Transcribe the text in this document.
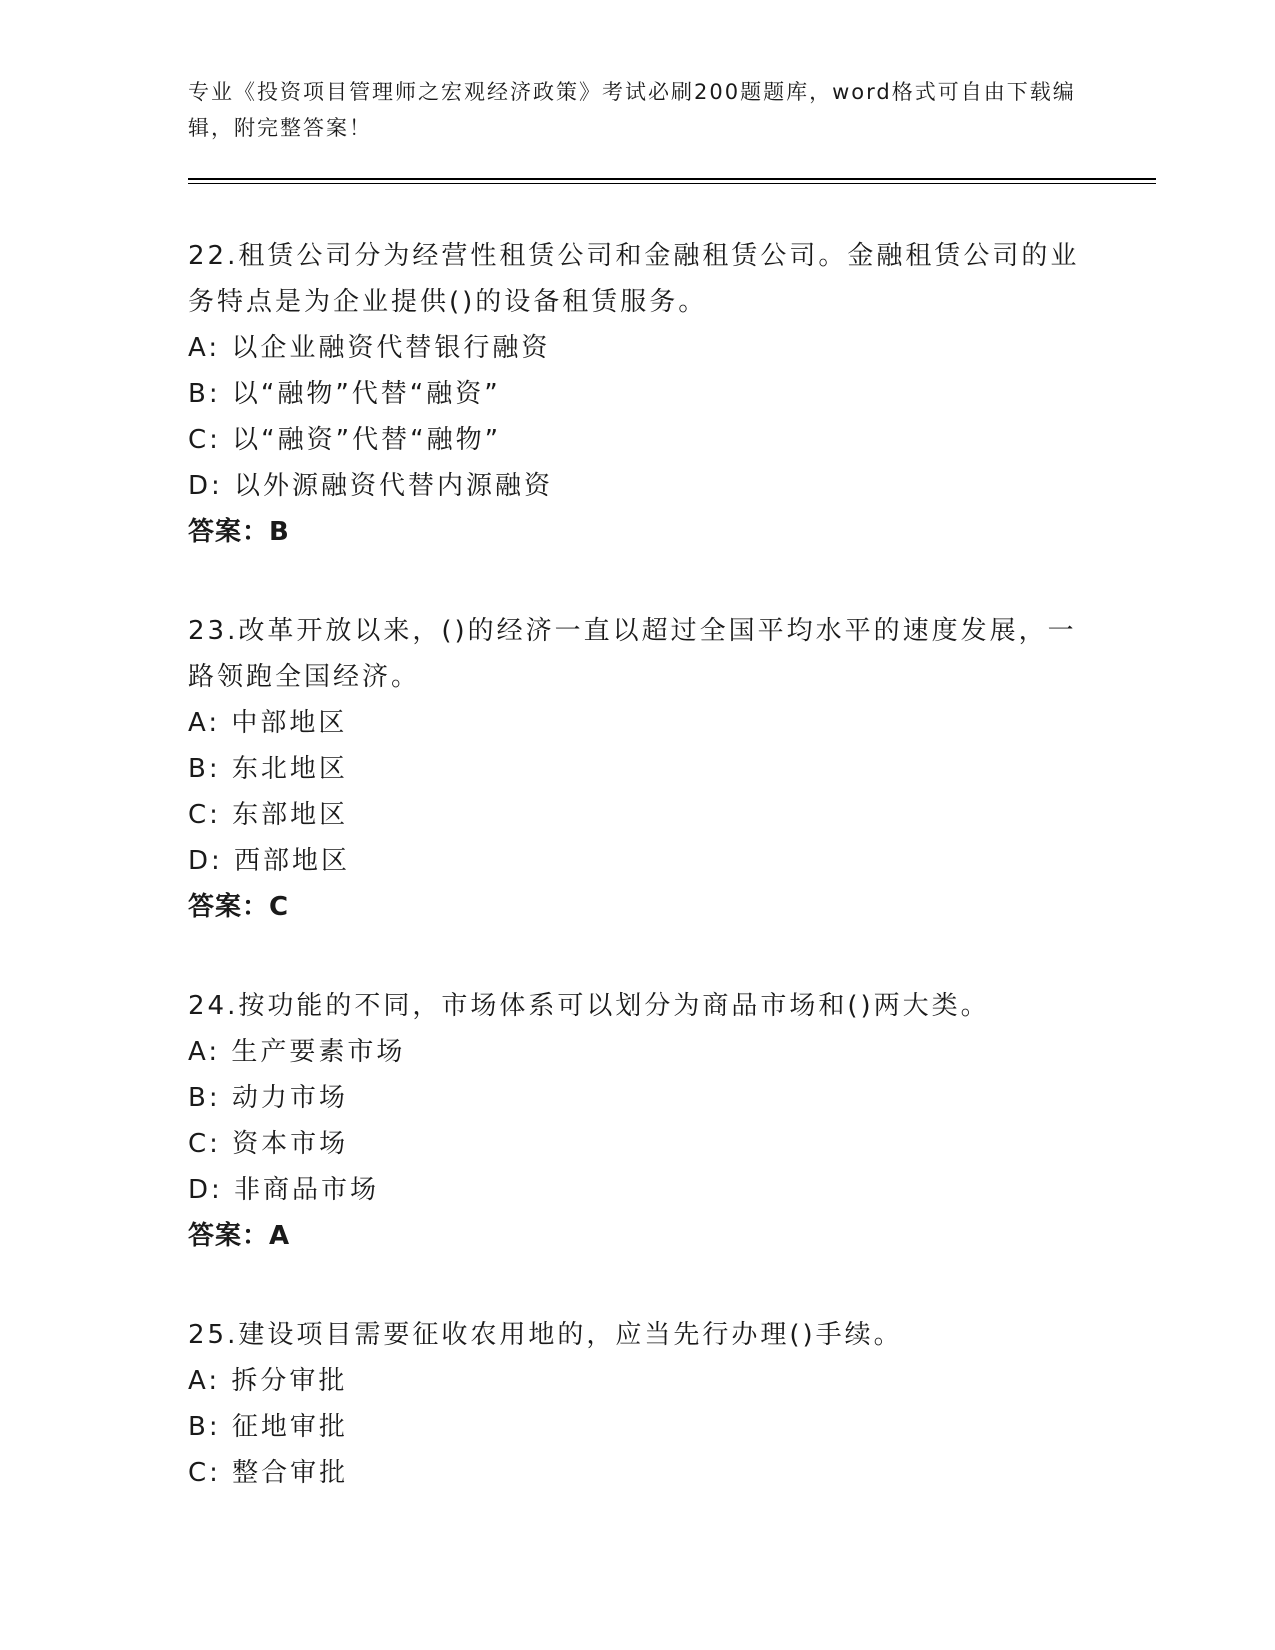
专业《投资项目管理师之宏观经济政策》考试必刷200题题库，word格式可自由下载编辑，附完整答案！

22.租赁公司分为经营性租赁公司和金融租赁公司。金融租赁公司的业务特点是为企业提供()的设备租赁服务。

A: 以企业融资代替银行融资

B: 以“融物”代替“融资”

C: 以“融资”代替“融物”

D: 以外源融资代替内源融资

答案：B

23.改革开放以来，()的经济一直以超过全国平均水平的速度发展，一路领跑全国经济。

A: 中部地区

B: 东北地区

C: 东部地区

D: 西部地区

答案：C

24.按功能的不同，市场体系可以划分为商品市场和()两大类。

A: 生产要素市场

B: 动力市场

C: 资本市场

D: 非商品市场

答案：A

25.建设项目需要征收农用地的，应当先行办理()手续。

A: 拆分审批

B: 征地审批

C: 整合审批
